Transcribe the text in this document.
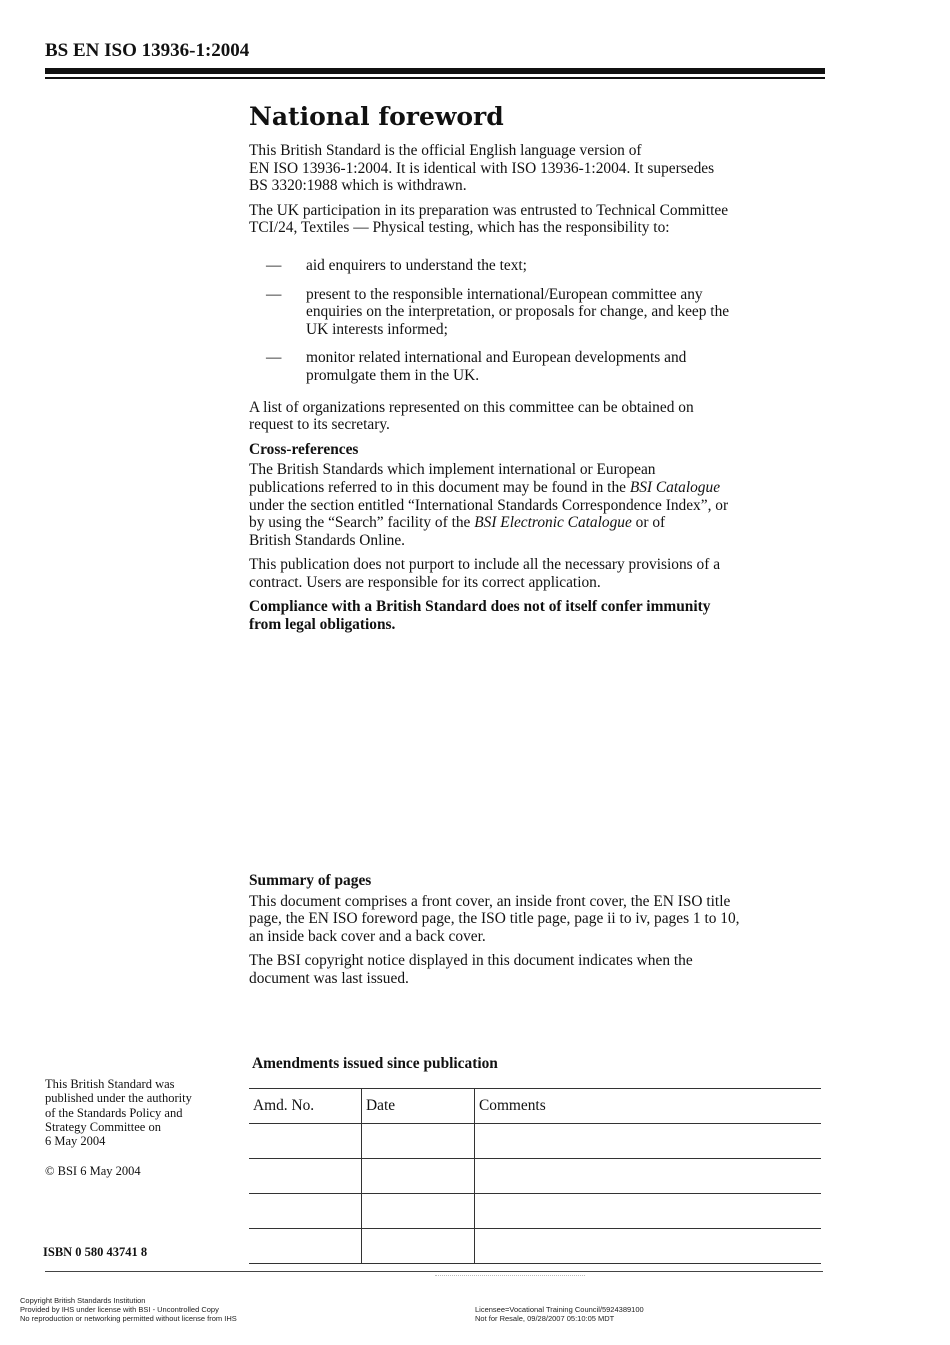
BS EN ISO 13936-1:2004
National foreword

This British Standard is the official English language version of
EN ISO 13936-1:2004. It is identical with ISO 13936-1:2004. It supersedes
BS 3320:1988 which is withdrawn.

The UK participation in its preparation was entrusted to Technical Committee
TCI/24, Textiles — Physical testing, which has the responsibility to:

— aid enquirers to understand the text;
— present to the responsible international/European committee any
enquiries on the interpretation, or proposals for change, and keep the
UK interests informed;
— monitor related international and European developments and
promulgate them in the UK.

A list of organizations represented on this committee can be obtained on
request to its secretary.

Cross-references

The British Standards which implement international or European
publications referred to in this document may be found in the BSI Catalogue
under the section entitled “International Standards Correspondence Index”, or
by using the “Search” facility of the BSI Electronic Catalogue or of
British Standards Online.

This publication does not purport to include all the necessary provisions of a
contract. Users are responsible for its correct application.

Compliance with a British Standard does not of itself confer immunity
from legal obligations.

Summary of pages

This document comprises a front cover, an inside front cover, the EN ISO title
page, the EN ISO foreword page, the ISO title page, page ii to iv, pages 1 to 10,
an inside back cover and a back cover.

The BSI copyright notice displayed in this document indicates when the
document was last issued.

This British Standard was
published under the authority
of the Standards Policy and
Strategy Committee on
6 May 2004

© BSI 6 May 2004

ISBN 0 580 43741 8
Amendments issued since publication
Amd. No.	Date	Comments

Copyright British Standards Institution

Provided by IHS under license with BSI - Uncontrolled Copy

No reproduction or networking permitted without license from IHS

Licensee=Vocational Training Council/5924389100

Not for Resale, 09/28/2007 05:10:05 MDT
